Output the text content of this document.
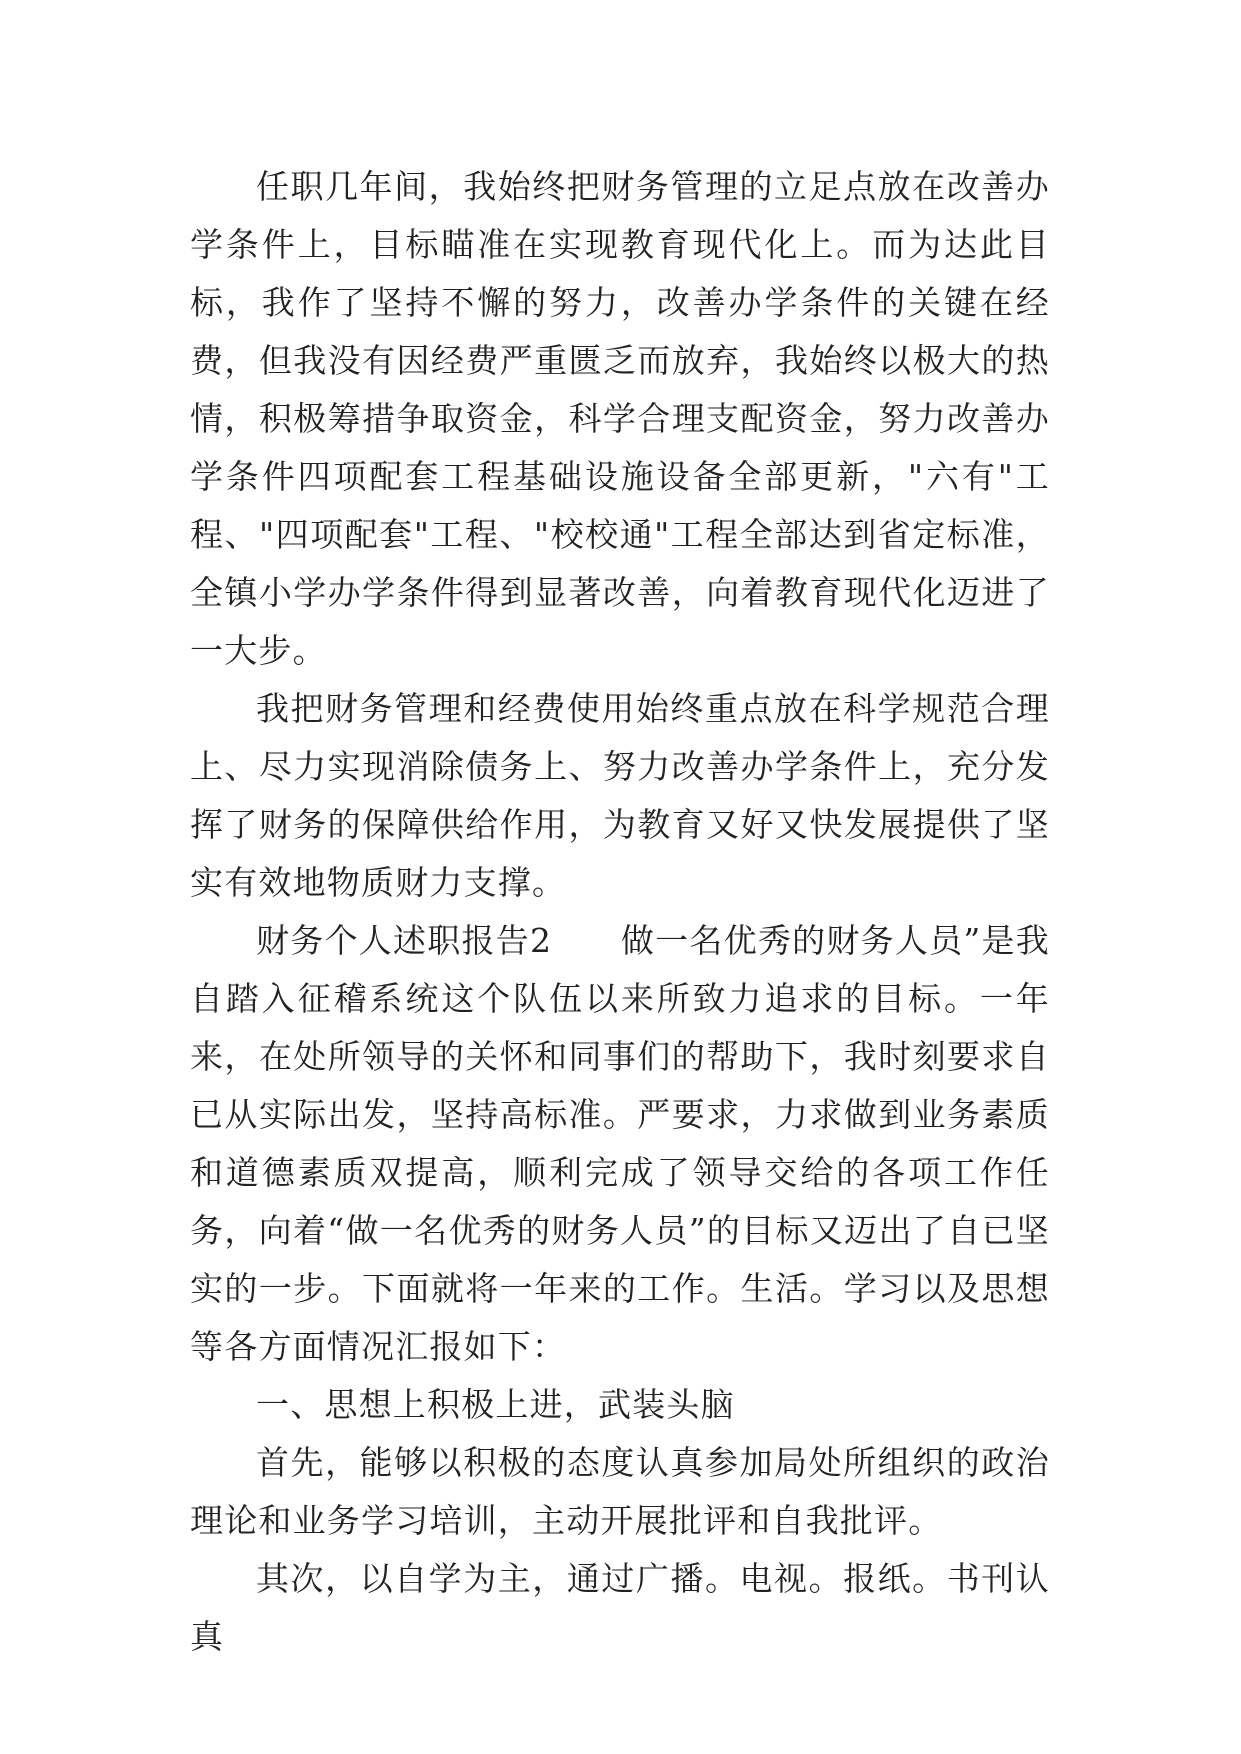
任职几年间，我始终把财务管理的立足点放在改善办学条件上，目标瞄准在实现教育现代化上。而为达此目标，我作了坚持不懈的努力，改善办学条件的关键在经费，但我没有因经费严重匮乏而放弃，我始终以极大的热情，积极筹措争取资金，科学合理支配资金，努力改善办学条件四项配套工程基础设施设备全部更新，"六有"工程、"四项配套"工程、"校校通"工程全部达到省定标准，全镇小学办学条件得到显著改善，向着教育现代化迈进了一大步。

我把财务管理和经费使用始终重点放在科学规范合理上、尽力实现消除债务上、努力改善办学条件上，充分发挥了财务的保障供给作用，为教育又好又快发展提供了坚实有效地物质财力支撑。

财务个人述职报告2　　做一名优秀的财务人员”是我自踏入征稽系统这个队伍以来所致力追求的目标。一年来，在处所领导的关怀和同事们的帮助下，我时刻要求自已从实际出发，坚持高标准。严要求，力求做到业务素质和道德素质双提高，顺利完成了领导交给的各项工作任务，向着“做一名优秀的财务人员”的目标又迈出了自已坚实的一步。下面就将一年来的工作。生活。学习以及思想等各方面情况汇报如下：

一、思想上积极上进，武装头脑

首先，能够以积极的态度认真参加局处所组织的政治理论和业务学习培训，主动开展批评和自我批评。

其次，以自学为主，通过广播。电视。报纸。书刊认真
